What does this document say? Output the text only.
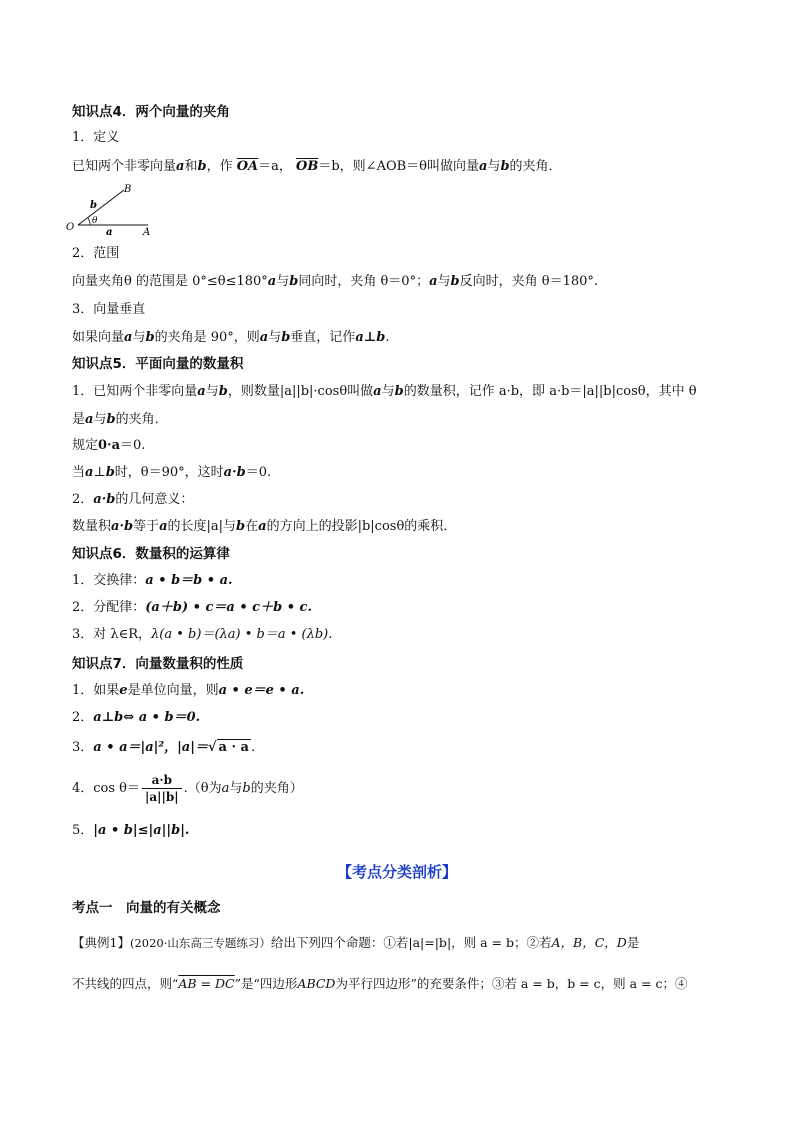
知识点4．两个向量的夹角
1．定义
已知两个非零向量a和b，作 $\overline{OA}=a$， $\overline{OB}=b$，则∠AOB＝θ叫做向量a与b的夹角．
O	A
B
a
b
θ
2．范围
向量夹角θ 的范围是 0°≤θ≤180°a与b同向时，夹角 θ＝0°；a与b反向时，夹角 θ＝180°.
3．向量垂直
如果向量a与b的夹角是 90°，则a与b垂直，记作a⊥b.
知识点5．平面向量的数量积
1．已知两个非零向量a与b，则数量|a||b|·cosθ叫做a与b的数量积，记作 a·b，即 a·b＝|a||b|cosθ，其中 θ
是a与b的夹角．
规定0·a＝0.
当a⊥b时，θ＝90°，这时a·b＝0.
2．a·b的几何意义：
数量积a·b等于a的长度|a|与b在a的方向上的投影|b|cosθ的乘积．
知识点6．数量积的运算律
1．交换律：a • b＝b • a.
2．分配律：(a＋b) • c＝a • c＋b • c.
3．对 λ∈R，λ(a • b)＝(λa) • b＝a • (λb).
知识点7．向量数量积的性质
1．如果e是单位向量，则a • e＝e • a.
2．a⊥b⇔ a • b＝0.
3．a • a＝|a|²，|a|＝√ a · a .
4．$\cos \theta= \frac{a\cdot b}{|a||b|} .(\theta$为a与b的夹角）
5．|a • b|≤|a||b|.
【考点分类剖析】
考点一　向量的有关概念
【典例1】(2020·山东高三专题练习）给出下列四个命题：①若|a|=|b|，则 a = b；②若A，B，C，D是
不共线的四点，则“AB = DC”是“四边形ABCD为平行四边形”的充要条件；③若 a = b，b = c，则 a = c；④
